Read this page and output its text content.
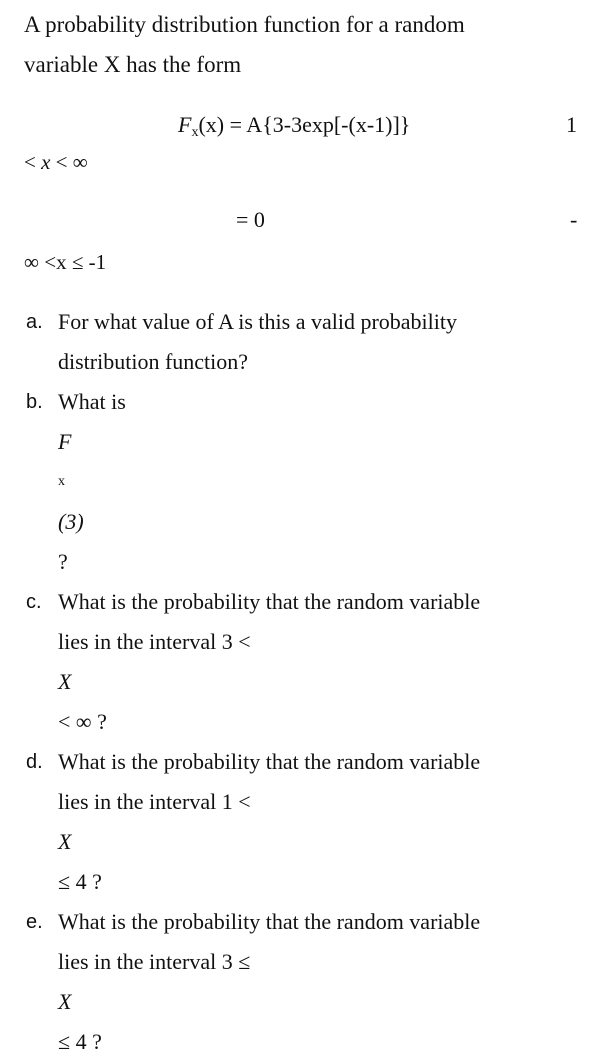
A probability distribution function for a random
variable X has the form
$F_x(x) = A\{3-3\exp[-(x-1)]\}$	1
< x < ∞
= 0	-
∞ <x ≤ -1
a. For what value of A is this a valid probability
distribution function?
b. What is
F
x
(3)
?
c. What is the probability that the random variable
lies in the interval 3 <
X
< ∞ ?
d. What is the probability that the random variable
lies in the interval 1 <
X
≤ 4 ?
e. What is the probability that the random variable
lies in the interval 3 ≤
X
≤ 4 ?
